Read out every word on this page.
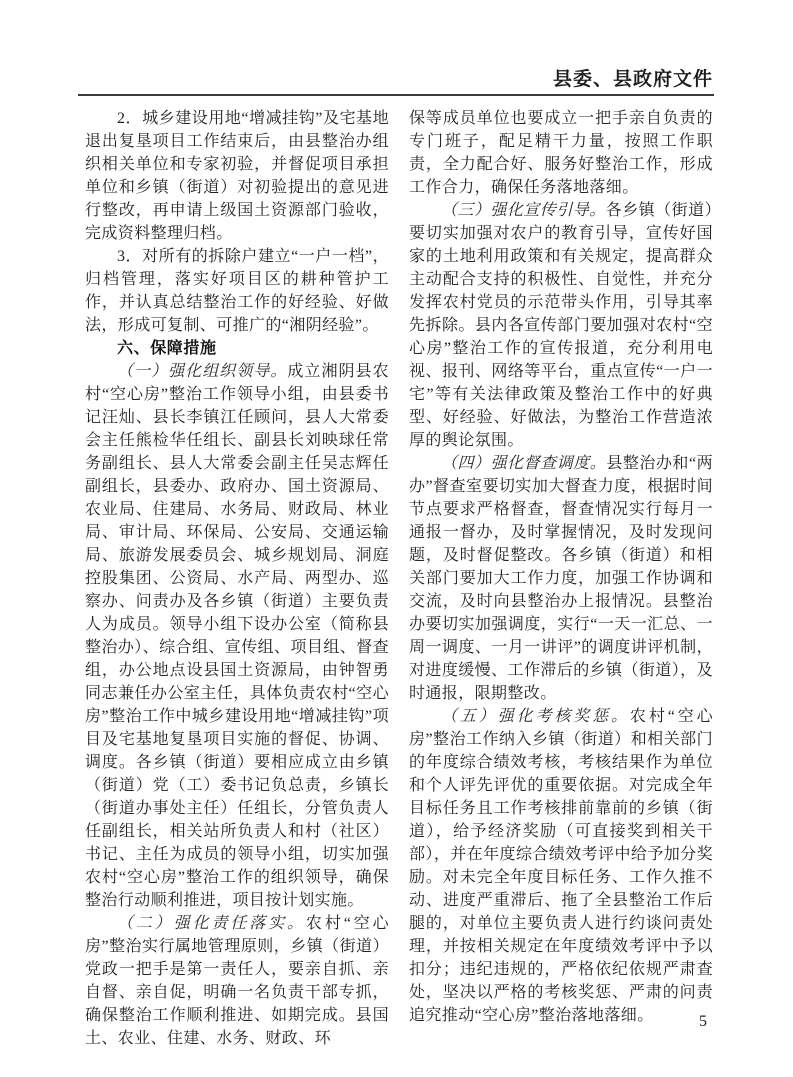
县委、县政府文件

2．城乡建设用地“增减挂钩”及宅基地退出复垦项目工作结束后，由县整治办组织相关单位和专家初验，并督促项目承担单位和乡镇（街道）对初验提出的意见进行整改，再申请上级国土资源部门验收，完成资料整理归档。

3．对所有的拆除户建立“一户一档”，归档管理，落实好项目区的耕种管护工作，并认真总结整治工作的好经验、好做法，形成可复制、可推广的“湘阴经验”。

六、保障措施

（一）强化组织领导。成立湘阴县农村“空心房”整治工作领导小组，由县委书记汪灿、县长李镇江任顾问，县人大常委会主任熊检华任组长、副县长刘映球任常务副组长、县人大常委会副主任吴志辉任副组长，县委办、政府办、国土资源局、农业局、住建局、水务局、财政局、林业局、审计局、环保局、公安局、交通运输局、旅游发展委员会、城乡规划局、洞庭控股集团、公资局、水产局、两型办、巡察办、问责办及各乡镇（街道）主要负责人为成员。领导小组下设办公室（简称县整治办）、综合组、宣传组、项目组、督查组，办公地点设县国土资源局，由钟智勇同志兼任办公室主任，具体负责农村“空心房”整治工作中城乡建设用地“增减挂钩”项目及宅基地复垦项目实施的督促、协调、调度。各乡镇（街道）要相应成立由乡镇（街道）党（工）委书记负总责，乡镇长（街道办事处主任）任组长，分管负责人任副组长，相关站所负责人和村（社区）书记、主任为成员的领导小组，切实加强农村“空心房”整治工作的组织领导，确保整治行动顺利推进，项目按计划实施。

（二）强化责任落实。农村“空心房”整治实行属地管理原则，乡镇（街道）党政一把手是第一责任人，要亲自抓、亲自督、亲自促，明确一名负责干部专抓，确保整治工作顺利推进、如期完成。县国土、农业、住建、水务、财政、环

保等成员单位也要成立一把手亲自负责的专门班子，配足精干力量，按照工作职责，全力配合好、服务好整治工作，形成工作合力，确保任务落地落细。

（三）强化宣传引导。各乡镇（街道）要切实加强对农户的教育引导，宣传好国家的土地利用政策和有关规定，提高群众主动配合支持的积极性、自觉性，并充分发挥农村党员的示范带头作用，引导其率先拆除。县内各宣传部门要加强对农村“空心房”整治工作的宣传报道，充分利用电视、报刊、网络等平台，重点宣传“一户一宅”等有关法律政策及整治工作中的好典型、好经验、好做法，为整治工作营造浓厚的舆论氛围。

（四）强化督查调度。县整治办和“两办”督查室要切实加大督查力度，根据时间节点要求严格督查，督查情况实行每月一通报一督办，及时掌握情况，及时发现问题，及时督促整改。各乡镇（街道）和相关部门要加大工作力度，加强工作协调和交流，及时向县整治办上报情况。县整治办要切实加强调度，实行“一天一汇总、一周一调度、一月一讲评”的调度讲评机制，对进度缓慢、工作滞后的乡镇（街道），及时通报，限期整改。

（五）强化考核奖惩。农村“空心房”整治工作纳入乡镇（街道）和相关部门的年度综合绩效考核，考核结果作为单位和个人评先评优的重要依据。对完成全年目标任务且工作考核排前靠前的乡镇（街道），给予经济奖励（可直接奖到相关干部），并在年度综合绩效考评中给予加分奖励。对未完全年度目标任务、工作久推不动、进度严重滞后、拖了全县整治工作后腿的，对单位主要负责人进行约谈问责处理，并按相关规定在年度绩效考评中予以扣分；违纪违规的，严格依纪依规严肃查处，坚决以严格的考核奖惩、严肃的问责追究推动“空心房”整治落地落细。	5
